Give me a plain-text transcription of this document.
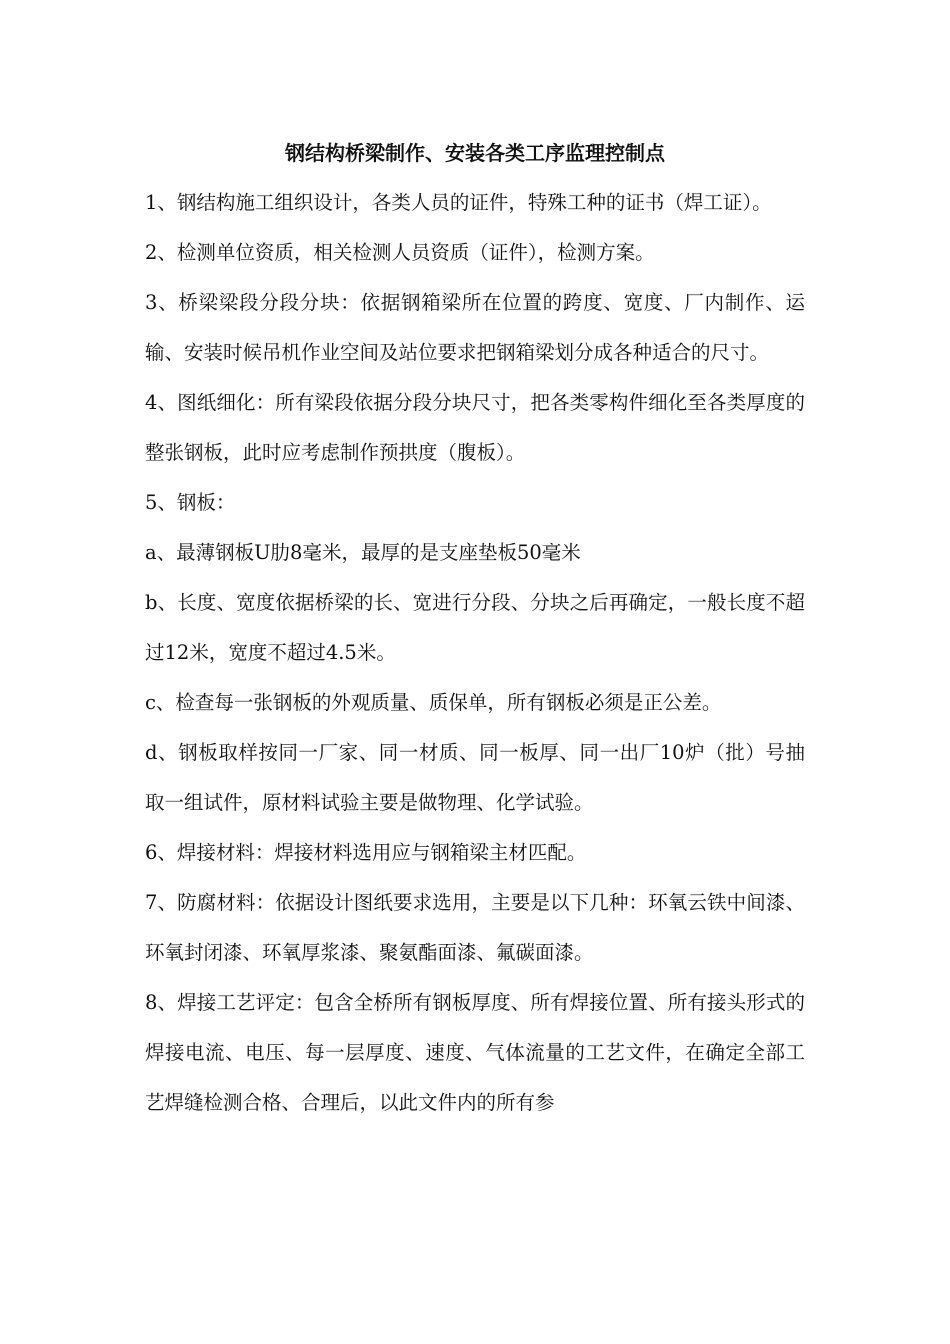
钢结构桥梁制作、安装各类工序监理控制点

1、钢结构施工组织设计，各类人员的证件，特殊工种的证书（焊工证）。

2、检测单位资质，相关检测人员资质（证件），检测方案。

3、桥梁梁段分段分块：依据钢箱梁所在位置的跨度、宽度、厂内制作、运输、安装时候吊机作业空间及站位要求把钢箱梁划分成各种适合的尺寸。

4、图纸细化：所有梁段依据分段分块尺寸，把各类零构件细化至各类厚度的整张钢板，此时应考虑制作预拱度（腹板）。

5、钢板：

a、最薄钢板U肋8毫米，最厚的是支座垫板50毫米

b、长度、宽度依据桥梁的长、宽进行分段、分块之后再确定，一般长度不超过12米，宽度不超过4.5米。

c、检查每一张钢板的外观质量、质保单，所有钢板必须是正公差。

d、钢板取样按同一厂家、同一材质、同一板厚、同一出厂10炉（批）号抽取一组试件，原材料试验主要是做物理、化学试验。

6、焊接材料：焊接材料选用应与钢箱梁主材匹配。

7、防腐材料：依据设计图纸要求选用，主要是以下几种：环氧云铁中间漆、环氧封闭漆、环氧厚浆漆、聚氨酯面漆、氟碳面漆。

8、焊接工艺评定：包含全桥所有钢板厚度、所有焊接位置、所有接头形式的焊接电流、电压、每一层厚度、速度、气体流量的工艺文件，在确定全部工艺焊缝检测合格、合理后，以此文件内的所有参
